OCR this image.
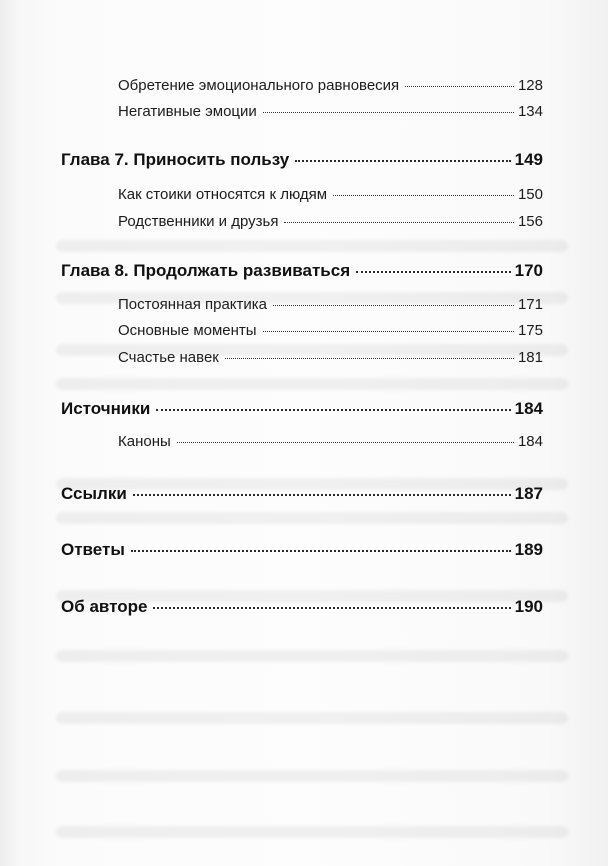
Обретение эмоционального равновесия	128
Негативные эмоции	134
Глава 7. Приносить пользу	149
Как стоики относятся к людям	150
Родственники и друзья	156
Глава 8. Продолжать развиваться	170
Постоянная практика	171
Основные моменты	175
Счастье навек	181
Источники	184
Каноны	184
Ссылки	187
Ответы	189
Об авторе	190
